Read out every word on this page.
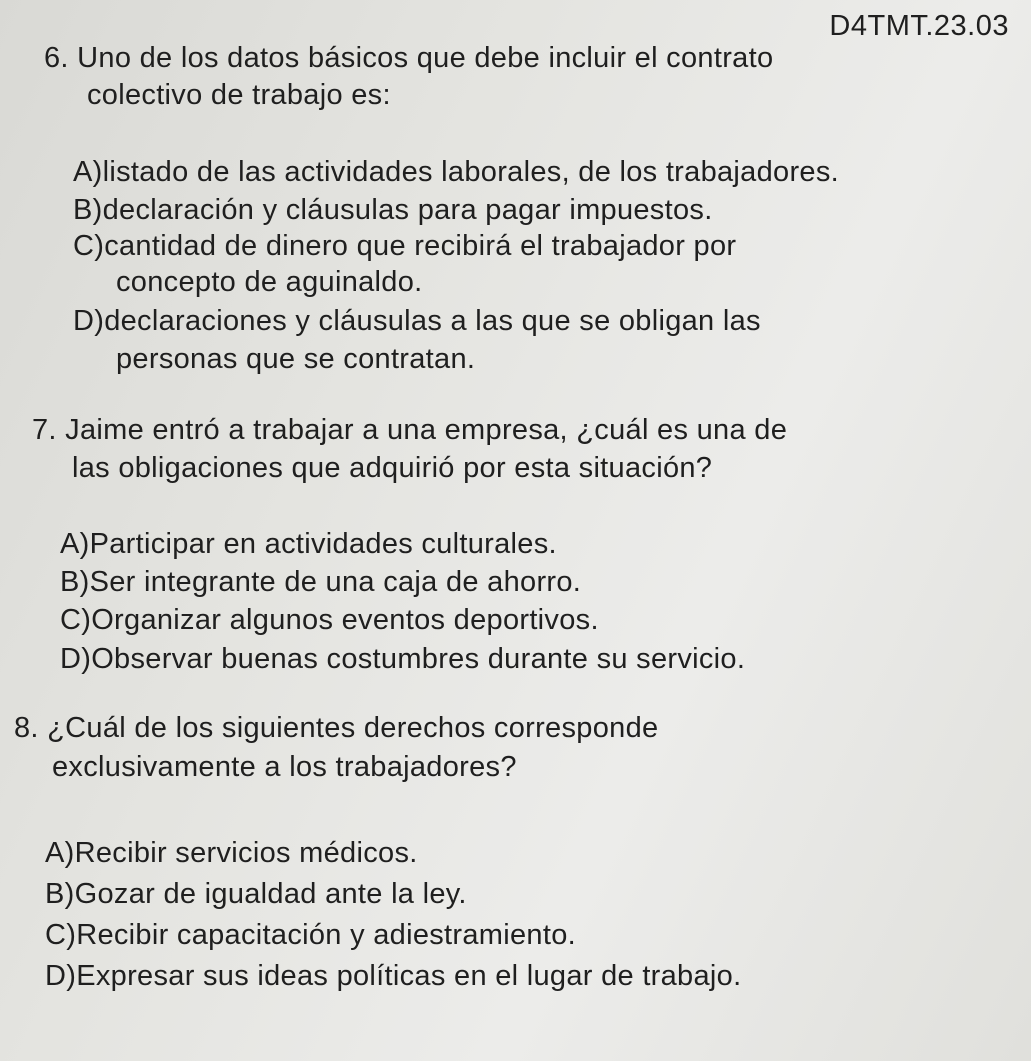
D4TMT.23.03
6. Uno de los datos básicos que debe incluir el contrato
colectivo de trabajo es:
A)listado de las actividades laborales, de los trabajadores.
B)declaración y cláusulas para pagar impuestos.
C)cantidad de dinero que recibirá el trabajador por
concepto de aguinaldo.
D)declaraciones y cláusulas a las que se obligan las
personas que se contratan.
7. Jaime entró a trabajar a una empresa, ¿cuál es una de
las obligaciones que adquirió por esta situación?
A)Participar en actividades culturales.
B)Ser integrante de una caja de ahorro.
C)Organizar algunos eventos deportivos.
D)Observar buenas costumbres durante su servicio.
8. ¿Cuál de los siguientes derechos corresponde
exclusivamente a los trabajadores?
A)Recibir servicios médicos.
B)Gozar de igualdad ante la ley.
C)Recibir capacitación y adiestramiento.
D)Expresar sus ideas políticas en el lugar de trabajo.
